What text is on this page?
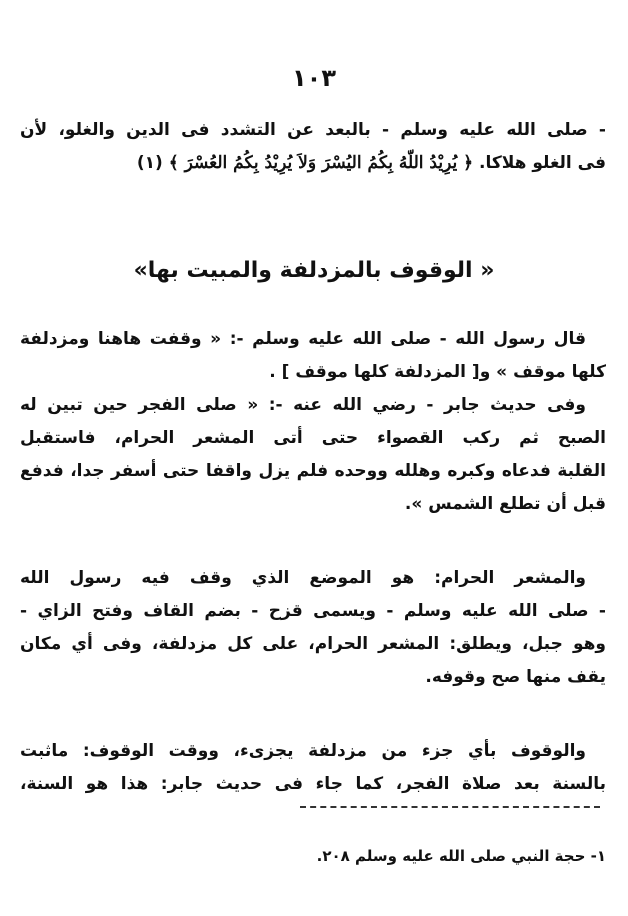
١٠٣
- صلى الله عليه وسلم - بالبعد عن التشدد فى الدين والغلو، لأن
فى الغلو هلاكا. ﴿ يُرِيْدُ اللّهُ بِكُمُ اليُسْرَ وَلاَ يُرِيْدُ بِكُمُ العُسْرَ ﴾ (١)
« الوقوف بالمزدلفة والمبيت بها»
قال رسول الله - صلى الله عليه وسلم -: « وقفت هاهنا ومزدلفة
كلها موقف » و[ المزدلفة كلها موقف ] .
وفى حديث جابر - رضي الله عنه -: « صلى الفجر حين تبين له
الصبح ثم ركب القصواء حتى أتى المشعر الحرام، فاستقبل
القلبة فدعاه وكبره وهلله ووحده فلم يزل واقفا حتى أسفر جدا، فدفع
قبل أن تطلع الشمس ».
والمشعر الحرام: هو الموضع الذي وقف فيه رسول الله
- صلى الله عليه وسلم - ويسمى قزح - بضم القاف وفتح الزاي -
وهو جبل، ويطلق: المشعر الحرام، على كل مزدلفة، وفى أي مكان
يقف منها صح وقوفه.
والوقوف بأي جزء من مزدلفة يجزىء، ووقت الوقوف: ماثبت
بالسنة بعد صلاة الفجر، كما جاء فى حديث جابر: هذا هو السنة،
١- حجة النبي صلى الله عليه وسلم ٢٠٨.
